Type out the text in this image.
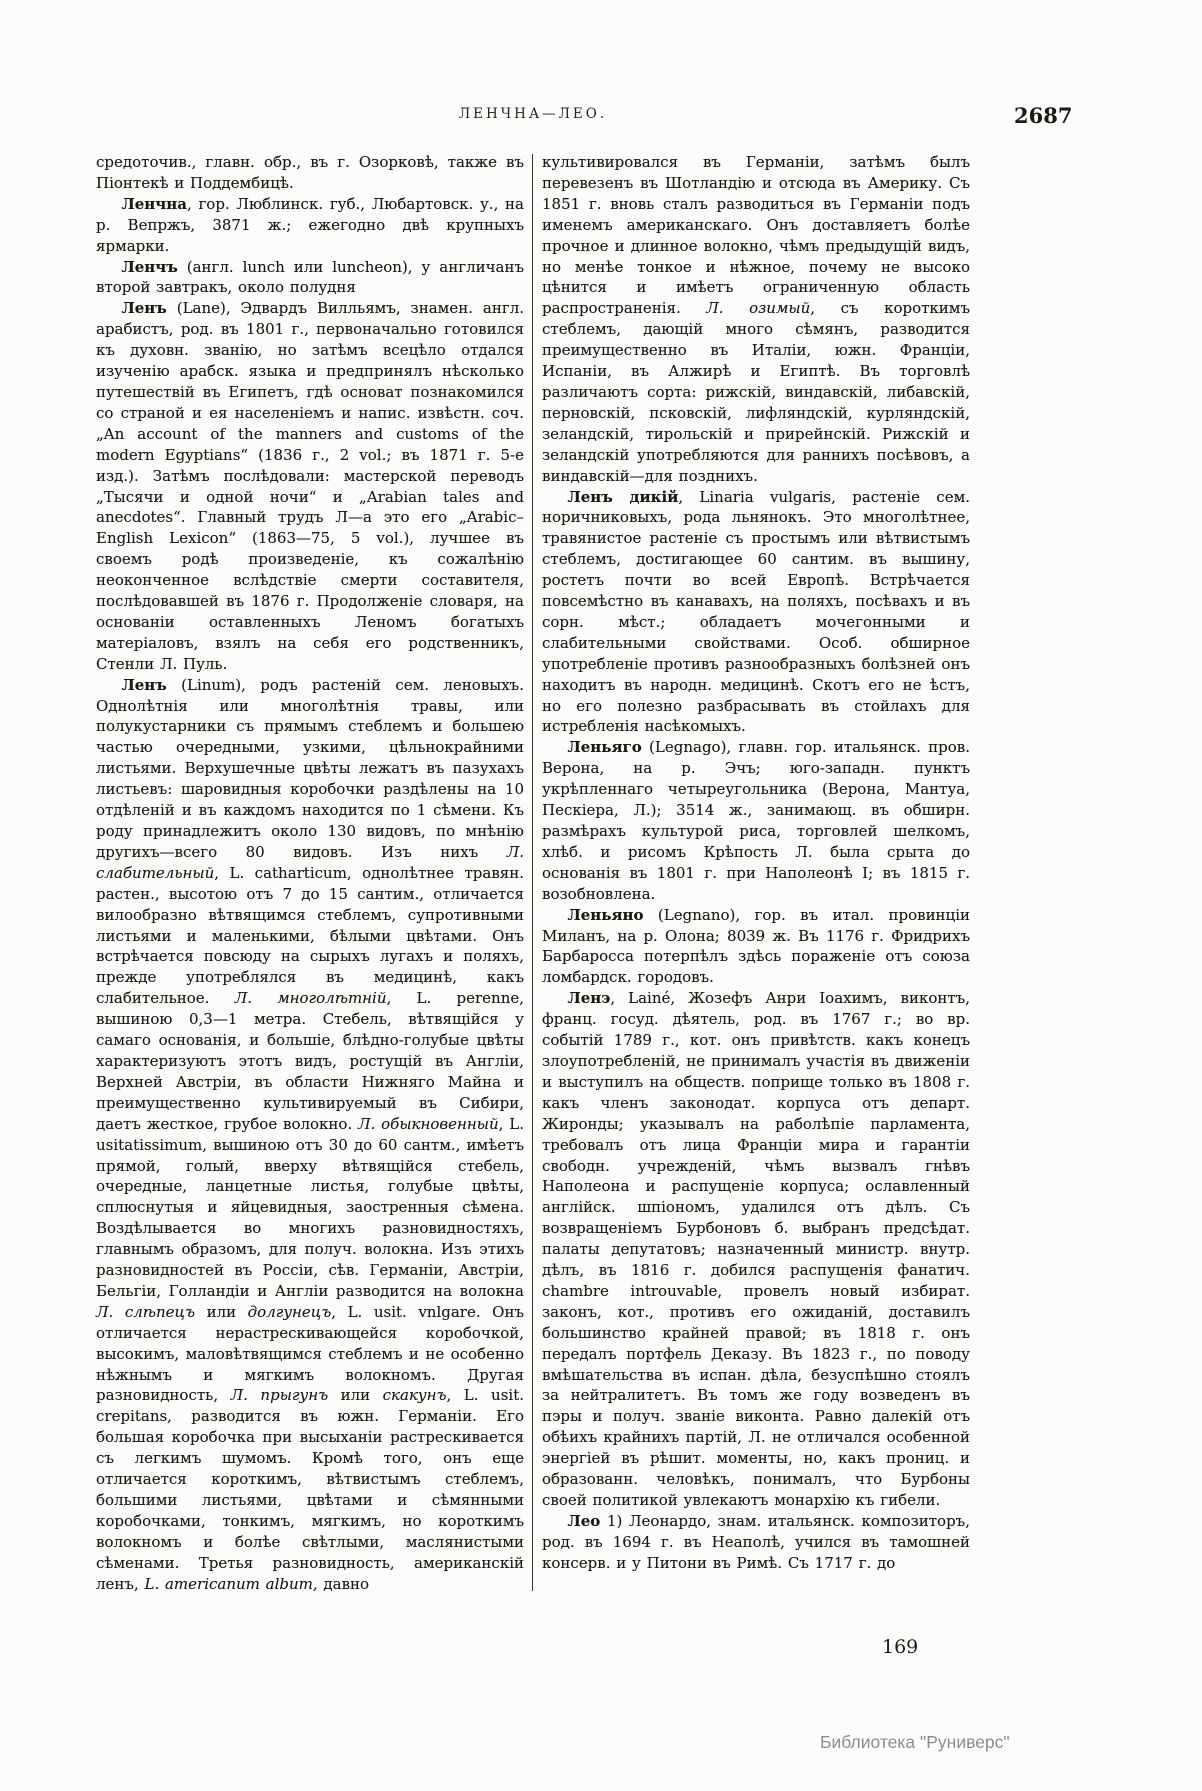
ЛЕНЧНА—ЛЕО.	2687

средоточив., главн. обр., въ г. Озорковѣ, также въ Піонтекѣ и Поддембицѣ.

Ленчна, гор. Люблинск. губ., Любартовск. у., на р. Вепржъ, 3871 ж.; ежегодно двѣ крупныхъ ярмарки.

Ленчъ (англ. lunch или luncheon), у англичанъ второй завтракъ, около полудня

Ленъ (Lane), Эдвардъ Вилльямъ, знамен. англ. арабистъ, род. въ 1801 г., первоначально готовился къ духовн. званію, но затѣмъ всецѣло отдался изученію арабск. языка и предпринялъ нѣсколько путешествій въ Египетъ, гдѣ основат познакомился со страной и ея населеніемъ и напис. извѣстн. соч. „An account of the manners and customs of the modern Egyptians“ (1836 г., 2 vol.; въ 1871 г. 5-е изд.). Затѣмъ послѣдовали: мастерской переводъ „Тысячи и одной ночи“ и „Arabian tales and anecdotes“. Главный трудъ Л—а это его „Arabic–English Lexicon“ (1863—75, 5 vol.), лучшее въ своемъ родѣ произведеніе, къ сожалѣнію неоконченное вслѣдствіе смерти составителя, послѣдовавшей въ 1876 г. Продолженіе словаря, на основаніи оставленныхъ Леномъ богатыхъ матеріаловъ, взялъ на себя его родственникъ, Стенли Л. Пуль.

Ленъ (Linum), родъ растеній сем. леновыхъ. Однолѣтнія или многолѣтнія травы, или полукустарники съ прямымъ стеблемъ и большею частью очередными, узкими, цѣльнокрайними листьями. Верхушечные цвѣты лежатъ въ пазухахъ листьевъ: шаровидныя коробочки раздѣлены на 10 отдѣленій и въ каждомъ находится по 1 сѣмени. Къ роду принадлежитъ около 130 видовъ, по мнѣнію другихъ—всего 80 видовъ. Изъ нихъ Л. слабительный, L. catharticum, однолѣтнее травян. растен., высотою отъ 7 до 15 сантим., отличается вилообразно вѣтвящимся стеблемъ, супротивными листьями и маленькими, бѣлыми цвѣтами. Онъ встрѣчается повсюду на сырыхъ лугахъ и поляхъ, прежде употреблялся въ медицинѣ, какъ слабительное. Л. многолѣтній, L. perenne, вышиною 0,3—1 метра. Стебель, вѣтвящійся у самаго основанія, и большіе, блѣдно-голубые цвѣты характеризуютъ этотъ видъ, ростущій въ Англіи, Верхней Австріи, въ области Нижняго Майна и преимущественно культивируемый въ Сибири, даетъ жесткое, грубое волокно. Л. обыкновенный, L. usitatissimum, вышиною отъ 30 до 60 сантм., имѣетъ прямой, голый, вверху вѣтвящійся стебель, очередные, ланцетные листья, голубые цвѣты, сплюснутыя и яйцевидныя, заостренныя сѣмена. Воздѣлывается во многихъ разновидностяхъ, главнымъ образомъ, для получ. волокна. Изъ этихъ разновидностей въ Россіи, сѣв. Германіи, Австріи, Бельгіи, Голландіи и Англіи разводится на волокна Л. слѣпецъ или долгунецъ, L. usit. vnlgare. Онъ отличается нерастрескивающейся коробочкой, высокимъ, маловѣтвящимся стеблемъ и не особенно нѣжнымъ и мягкимъ волокномъ. Другая разновидность, Л. прыгунъ или скакунъ, L. usit. crepitans, разводится въ южн. Германіи. Его большая коробочка при высыханіи растрескивается съ легкимъ шумомъ. Кромѣ того, онъ еще отличается короткимъ, вѣтвистымъ стеблемъ, большими листьями, цвѣтами и сѣмянными коробочками, тонкимъ, мягкимъ, но короткимъ волокномъ и болѣе свѣтлыми, маслянистыми сѣменами. Третья разновидность, американскій ленъ, L. americanum album, давно

культивировался въ Германіи, затѣмъ былъ перевезенъ въ Шотландію и отсюда въ Америку. Съ 1851 г. вновь сталъ разводиться въ Германіи подъ именемъ американскаго. Онъ доставляетъ болѣе прочное и длинное волокно, чѣмъ предыдущій видъ, но менѣе тонкое и нѣжное, почему не высоко цѣнится и имѣетъ ограниченную область распространенія. Л. озимый, съ короткимъ стеблемъ, дающій много сѣмянъ, разводится преимущественно въ Италіи, южн. Франціи, Испаніи, въ Алжирѣ и Египтѣ. Въ торговлѣ различаютъ сорта: рижскій, виндавскій, либавскій, перновскій, псковскій, лифляндскій, курляндскій, зеландскій, тирольскій и прирейнскій. Рижскій и зеландскій употребляются для раннихъ посѣвовъ, а виндавскій—для позднихъ.

Ленъ дикій, Linaria vulgaris, растеніе сем. норичниковыхъ, рода льнянокъ. Это многолѣтнее, травянистое растеніе съ простымъ или вѣтвистымъ стеблемъ, достигающее 60 сантим. въ вышину, ростетъ почти во всей Европѣ. Встрѣчается повсемѣстно въ канавахъ, на поляхъ, посѣвахъ и въ сорн. мѣст.; обладаетъ мочегонными и слабительными свойствами. Особ. обширное употребленіе противъ разнообразныхъ болѣзней онъ находитъ въ народн. медицинѣ. Скотъ его не ѣстъ, но его полезно разбрасывать въ стойлахъ для истребленія насѣкомыхъ.

Леньяго (Legnago), главн. гор. итальянск. пров. Верона, на р. Эчъ; юго-западн. пунктъ укрѣпленнаго четыреугольника (Верона, Мантуа, Пескіера, Л.); 3514 ж., занимающ. въ обширн. размѣрахъ культурой риса, торговлей шелкомъ, хлѣб. и рисомъ Крѣпость Л. была срыта до основанія въ 1801 г. при Наполеонѣ I; въ 1815 г. возобновлена.

Леньяно (Legnano), гор. въ итал. провинціи Миланъ, на р. Олона; 8039 ж. Въ 1176 г. Фридрихъ Барбаросса потерпѣлъ здѣсь пораженіе отъ союза ломбардск. городовъ.

Ленэ, Lainé, Жозефъ Анри Іоахимъ, виконтъ, франц. госуд. дѣятель, род. въ 1767 г.; во вр. событій 1789 г., кот. онъ привѣтств. какъ конецъ злоупотребленій, не принималъ участія въ движеніи и выступилъ на обществ. поприще только въ 1808 г. какъ членъ законодат. корпуса отъ департ. Жиронды; указывалъ на раболѣпіе парламента, требовалъ отъ лица Франціи мира и гарантіи свободн. учрежденій, чѣмъ вызвалъ гнѣвъ Наполеона и распущеніе корпуса; ославленный англійск. шпіономъ, удалился отъ дѣлъ. Съ возвращеніемъ Бурбоновъ б. выбранъ предсѣдат. палаты депутатовъ; назначенный министр. внутр. дѣлъ, въ 1816 г. добился распущенія фанатич. chambre introuvable, провелъ новый избират. законъ, кот., противъ его ожиданій, доставилъ большинство крайней правой; въ 1818 г. онъ передалъ портфель Деказу. Въ 1823 г., по поводу вмѣшательства въ испан. дѣла, безуспѣшно стоялъ за нейтралитетъ. Въ томъ же году возведенъ въ пэры и получ. званіе виконта. Равно далекій отъ обѣихъ крайнихъ партій, Л. не отличался особенной энергіей въ рѣшит. моменты, но, какъ прониц. и образованн. человѣкъ, понималъ, что Бурбоны своей политикой увлекаютъ монархію къ гибели.

Лео 1) Леонардо, знам. итальянск. композиторъ, род. въ 1694 г. въ Неаполѣ, учился въ тамошней консерв. и у Питони въ Римѣ. Съ 1717 г. до

169
Библиотека "Руниверс"
